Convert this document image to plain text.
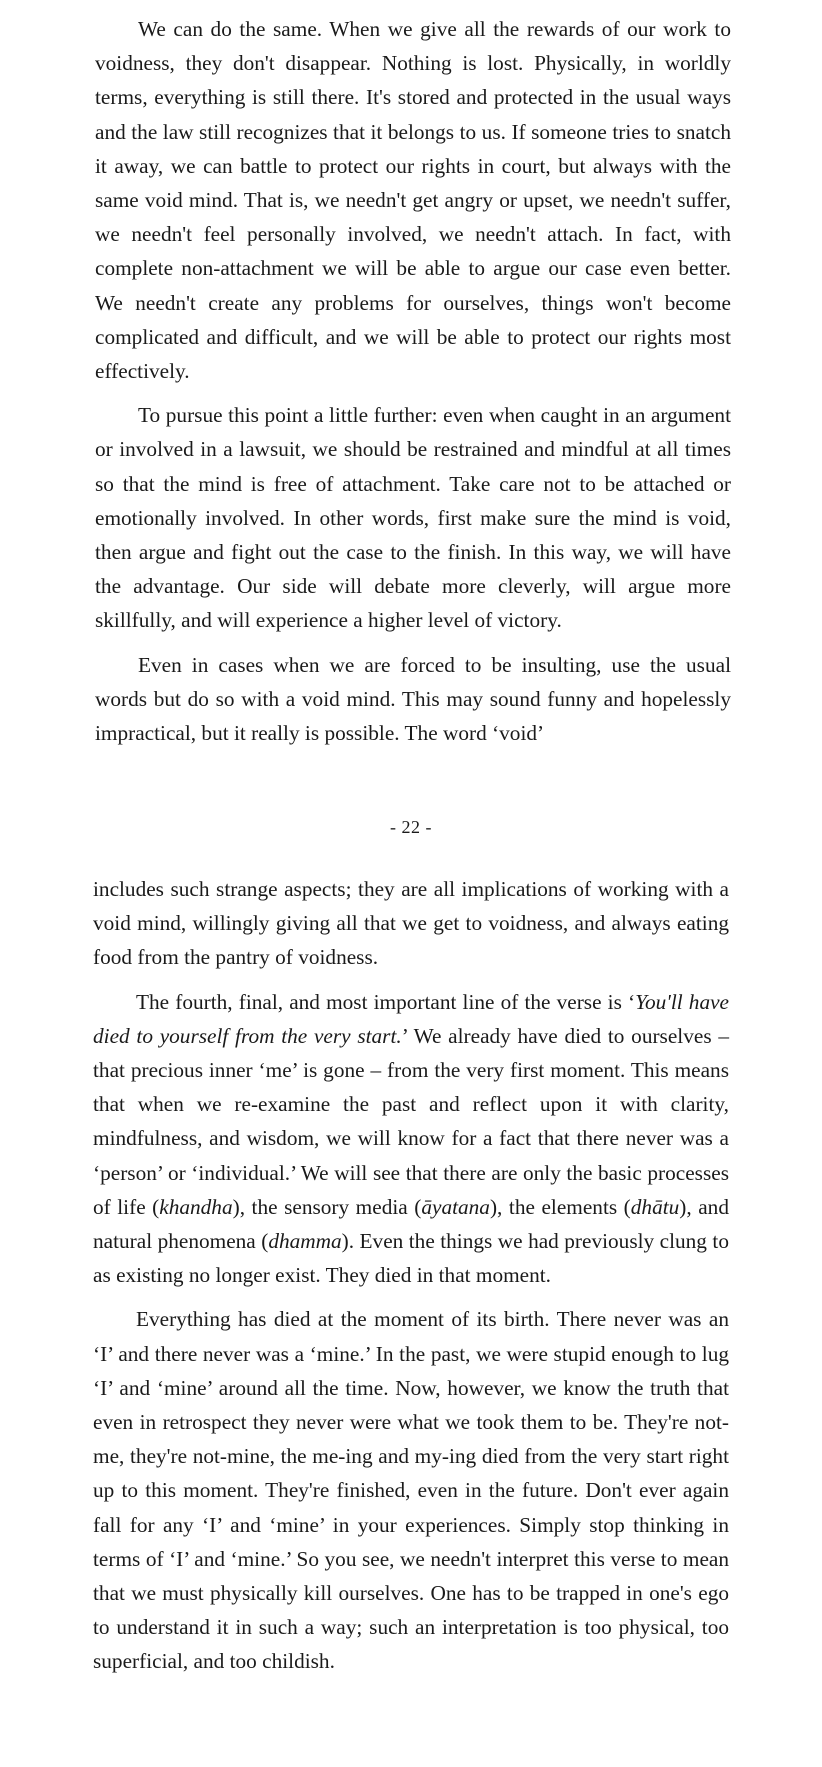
We can do the same. When we give all the rewards of our work to voidness, they don't disappear. Nothing is lost. Physically, in worldly terms, everything is still there. It's stored and protected in the usual ways and the law still recognizes that it belongs to us. If someone tries to snatch it away, we can battle to protect our rights in court, but always with the same void mind. That is, we needn't get angry or upset, we needn't suffer, we needn't feel personally involved, we needn't attach. In fact, with complete non-attachment we will be able to argue our case even better. We needn't create any problems for ourselves, things won't become complicated and difficult, and we will be able to protect our rights most effectively.

To pursue this point a little further: even when caught in an argument or involved in a lawsuit, we should be restrained and mindful at all times so that the mind is free of attachment. Take care not to be attached or emotionally involved. In other words, first make sure the mind is void, then argue and fight out the case to the finish. In this way, we will have the advantage. Our side will debate more cleverly, will argue more skillfully, and will experience a higher level of victory.

Even in cases when we are forced to be insulting, use the usual words but do so with a void mind. This may sound funny and hopelessly impractical, but it really is possible. The word ‘void’

- 22 -

includes such strange aspects; they are all implications of working with a void mind, willingly giving all that we get to voidness, and always eating food from the pantry of voidness.

The fourth, final, and most important line of the verse is ‘You'll have died to yourself from the very start.’ We already have died to ourselves – that precious inner ‘me’ is gone – from the very first moment. This means that when we re-examine the past and reflect upon it with clarity, mindfulness, and wisdom, we will know for a fact that there never was a ‘person’ or ‘individual.’ We will see that there are only the basic processes of life (khandha), the sensory media (āyatana), the elements (dhātu), and natural phenomena (dhamma). Even the things we had previously clung to as existing no longer exist. They died in that moment.

Everything has died at the moment of its birth. There never was an ‘I’ and there never was a ‘mine.’ In the past, we were stupid enough to lug ‘I’ and ‘mine’ around all the time. Now, however, we know the truth that even in retrospect they never were what we took them to be. They're not-me, they're not-mine, the me-ing and my-ing died from the very start right up to this moment. They're finished, even in the future. Don't ever again fall for any ‘I’ and ‘mine’ in your experiences. Simply stop thinking in terms of ‘I’ and ‘mine.’ So you see, we needn't interpret this verse to mean that we must physically kill ourselves. One has to be trapped in one's ego to understand it in such a way; such an interpretation is too physical, too superficial, and too childish.
